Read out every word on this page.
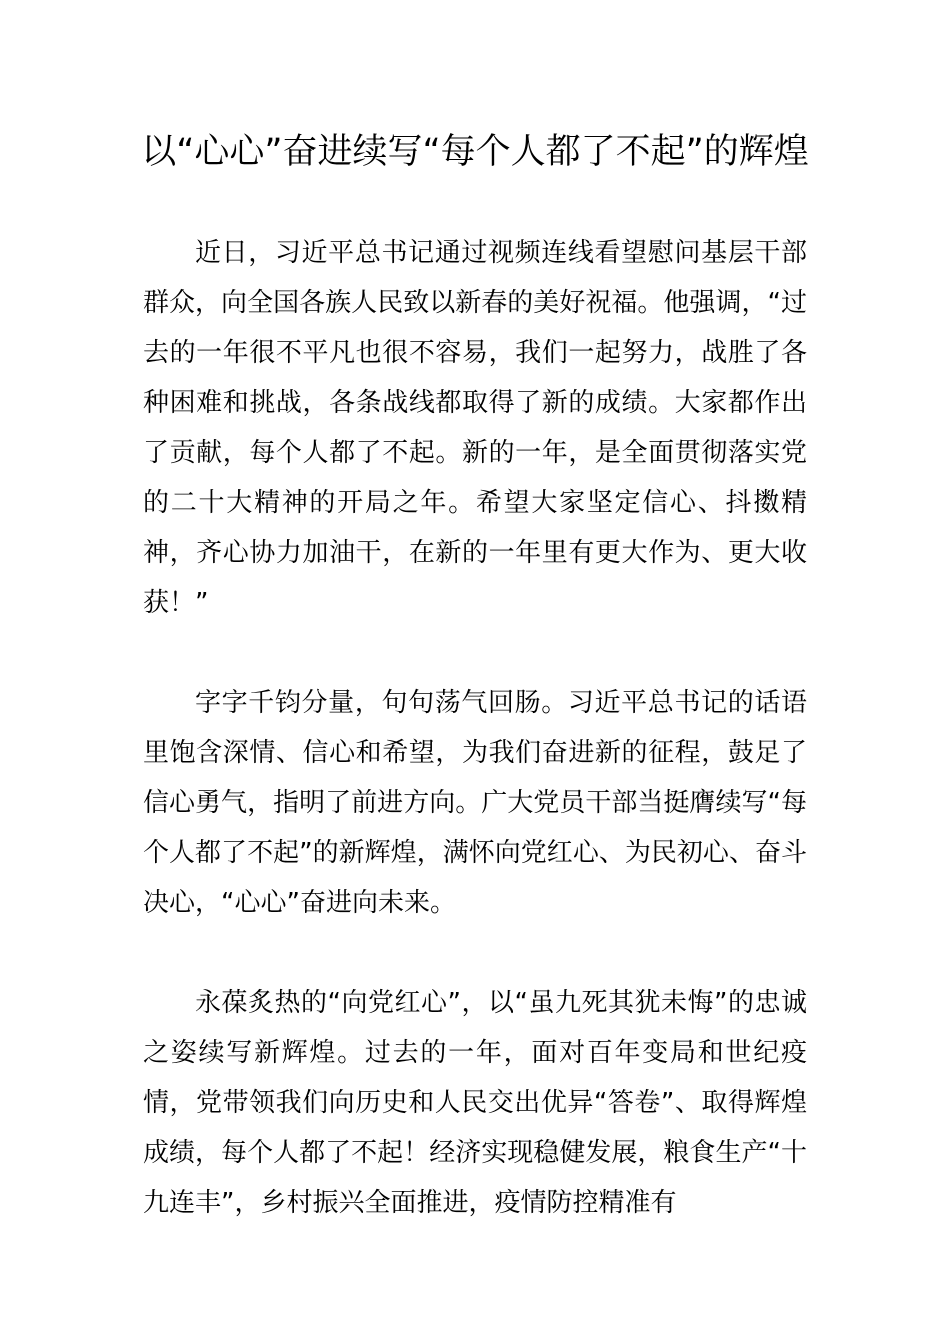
以“心心”奋进续写“每个人都了不起”的辉煌

近日，习近平总书记通过视频连线看望慰问基层干部群众，向全国各族人民致以新春的美好祝福。他强调，“过去的一年很不平凡也很不容易，我们一起努力，战胜了各种困难和挑战，各条战线都取得了新的成绩。大家都作出了贡献，每个人都了不起。新的一年，是全面贯彻落实党的二十大精神的开局之年。希望大家坚定信心、抖擞精神，齐心协力加油干，在新的一年里有更大作为、更大收获！”

字字千钧分量，句句荡气回肠。习近平总书记的话语里饱含深情、信心和希望，为我们奋进新的征程，鼓足了信心勇气，指明了前进方向。广大党员干部当挺膺续写“每个人都了不起”的新辉煌，满怀向党红心、为民初心、奋斗决心，“心心”奋进向未来。

永葆炙热的“向党红心”，以“虽九死其犹未悔”的忠诚之姿续写新辉煌。过去的一年，面对百年变局和世纪疫情，党带领我们向历史和人民交出优异“答卷”、取得辉煌成绩，每个人都了不起！经济实现稳健发展，粮食生产“十九连丰”，乡村振兴全面推进，疫情防控精准有
